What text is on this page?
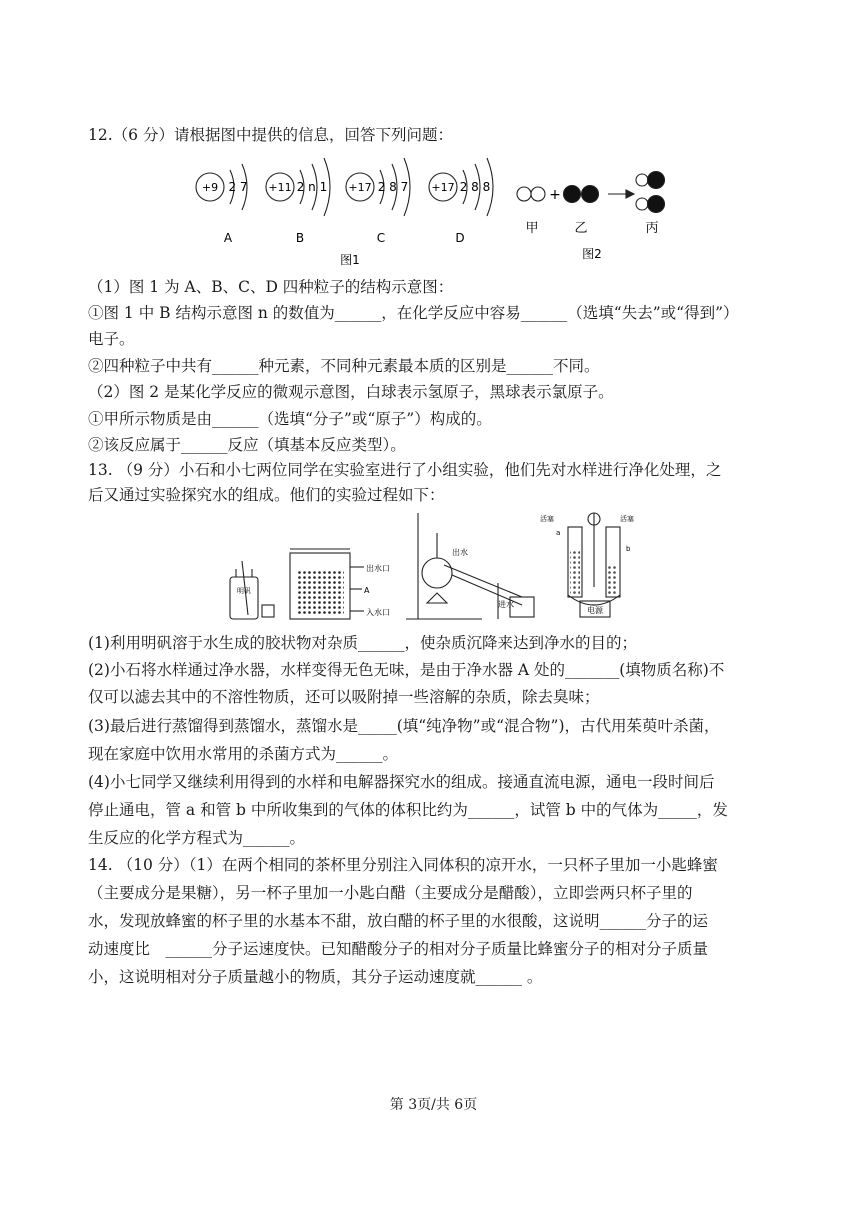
12.（6 分）请根据图中提供的信息，回答下列问题：
+9 2 7
A
+11 2 n 1
B
+17 2 8 7
C
+17 2 8 8
D
图1
+
甲	乙	丙
图2
（1）图 1 为 A、B、C、D 四种粒子的结构示意图：
①图 1 中 B 结构示意图 n 的数值为______，在化学反应中容易______（选填“失去”或“得到”）
电子。
②四种粒子中共有______种元素，不同种元素最本质的区别是______不同。
（2）图 2 是某化学反应的微观示意图，白球表示氢原子，黑球表示氯原子。
①甲所示物质是由______（选填“分子”或“原子”）构成的。
②该反应属于______反应（填基本反应类型）。
13. （9 分）小石和小七两位同学在实验室进行了小组实验，他们先对水样进行净化处理，之
后又通过实验探究水的组成。他们的实验过程如下：
明矾
出水口
A
入水口
出水
进水
活塞	活塞
a
b
电源
(1)利用明矾溶于水生成的胶状物对杂质______，使杂质沉降来达到净水的目的；
(2)小石将水样通过净水器，水样变得无色无味，是由于净水器 A 处的_______(填物质名称)不
仅可以滤去其中的不溶性物质，还可以吸附掉一些溶解的杂质，除去臭味；
(3)最后进行蒸馏得到蒸馏水，蒸馏水是_____(填“纯净物”或“混合物”)，古代用茱萸叶杀菌，
现在家庭中饮用水常用的杀菌方式为______。
(4)小七同学又继续利用得到的水样和电解器探究水的组成。接通直流电源，通电一段时间后
停止通电，管 a 和管 b 中所收集到的气体的体积比约为______，试管 b 中的气体为_____，发
生反应的化学方程式为______。
14. （10 分）（1）在两个相同的茶杯里分别注入同体积的凉开水，一只杯子里加一小匙蜂蜜
（主要成分是果糖），另一杯子里加一小匙白醋（主要成分是醋酸），立即尝两只杯子里的
水，发现放蜂蜜的杯子里的水基本不甜，放白醋的杯子里的水很酸，这说明______分子的运
动速度比　______分子运速度快。已知醋酸分子的相对分子质量比蜂蜜分子的相对分子质量
小，这说明相对分子质量越小的物质，其分子运动速度就______ 。
第 3页/共 6页
